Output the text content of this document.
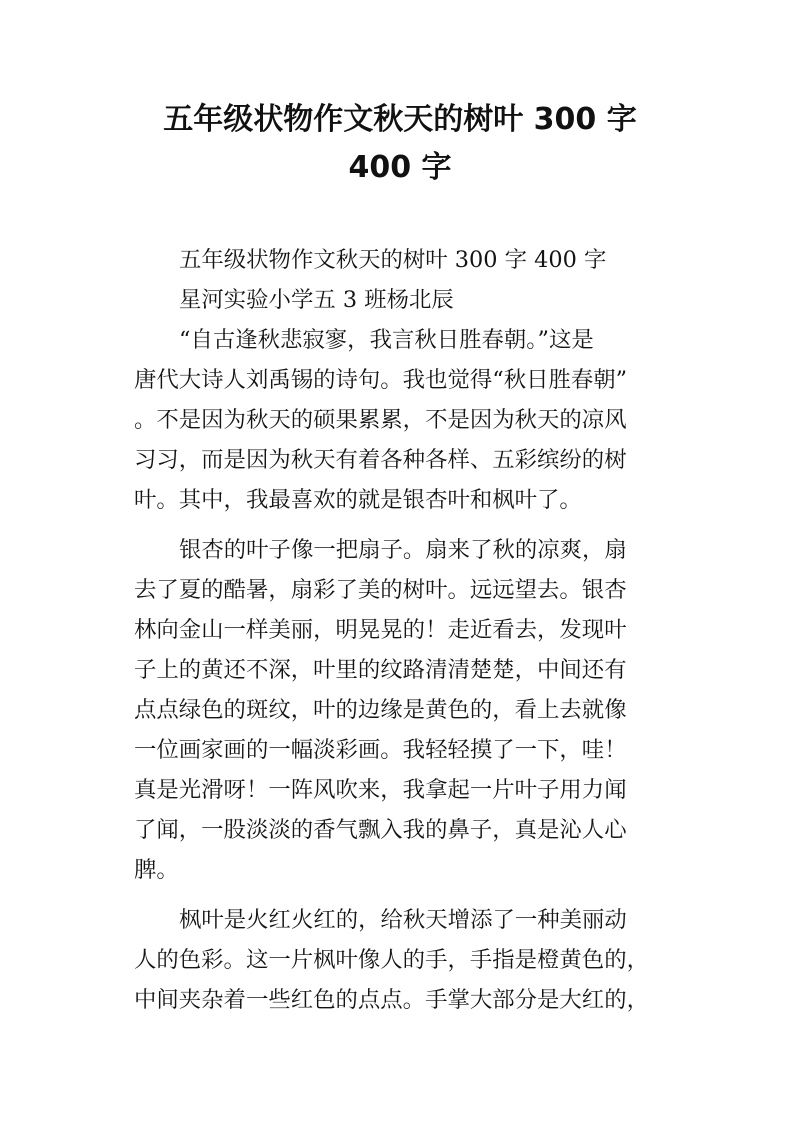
五年级状物作文秋天的树叶 300 字
400 字
五年级状物作文秋天的树叶 300 字 400 字
星河实验小学五 3 班杨北辰
“自古逢秋悲寂寥，我言秋日胜春朝。”这是
唐代大诗人刘禹锡的诗句。我也觉得“秋日胜春朝”
。不是因为秋天的硕果累累，不是因为秋天的凉风
习习，而是因为秋天有着各种各样、五彩缤纷的树
叶。其中，我最喜欢的就是银杏叶和枫叶了。
银杏的叶子像一把扇子。扇来了秋的凉爽，扇
去了夏的酷暑，扇彩了美的树叶。远远望去。银杏
林向金山一样美丽，明晃晃的！走近看去，发现叶
子上的黄还不深，叶里的纹路清清楚楚，中间还有
点点绿色的斑纹，叶的边缘是黄色的，看上去就像
一位画家画的一幅淡彩画。我轻轻摸了一下，哇！
真是光滑呀！一阵风吹来，我拿起一片叶子用力闻
了闻，一股淡淡的香气飘入我的鼻子，真是沁人心
脾。
枫叶是火红火红的，给秋天增添了一种美丽动
人的色彩。这一片枫叶像人的手，手指是橙黄色的，
中间夹杂着一些红色的点点。手掌大部分是大红的，
